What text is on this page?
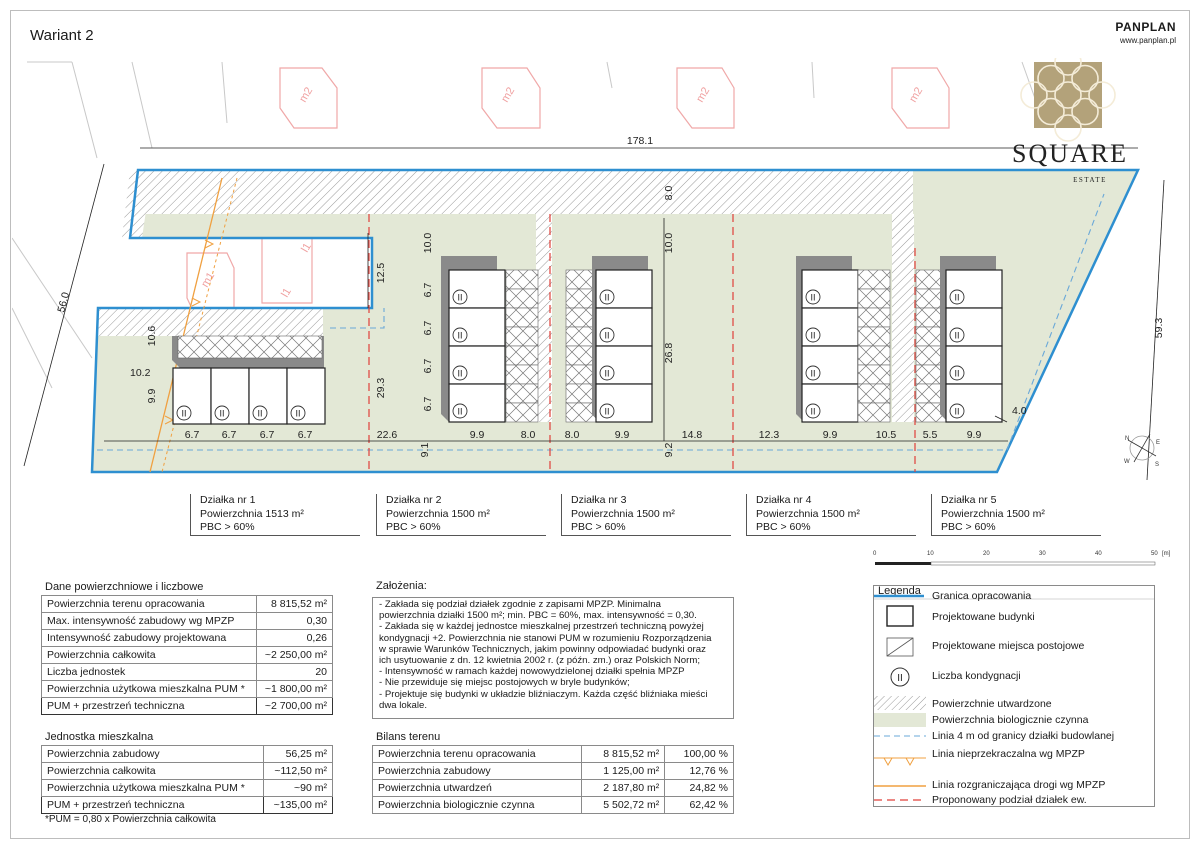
Wariant 2	PANPLAN
www.panplan.pl
m2	m2	m2	m2
m1
l1
l1
II	II	II	II
II
II
II
II
II
II
II
II
II
II
II
II
II
II
II
II
178.1
56.0
59.3
8.0
10.0	10.0
12.5
29.3
26.8
10.6
10.2
9.9
9.1	9.2
4.0
6.7 6.7 6.7 6.7	22.6	9.9	8.0	8.0	9.9	14.8	12.3	9.9	10.5	5.5	9.9
6.7
6.7
6.7
6.7
N
E
S
W
SQUARE
ESTATE
Działka nr 1
Powierzchnia 1513 m²
PBC > 60%
Działka nr 2
Powierzchnia 1500 m²
PBC > 60%
Działka nr 3
Powierzchnia 1500 m²
PBC > 60%
Działka nr 4
Powierzchnia 1500 m²
PBC > 60%
Działka nr 5
Powierzchnia 1500 m²
PBC > 60%
0	10	20	30	40	50 [m]
Dane powierzchniowe i liczbowe
Powierzchnia terenu opracowania	8 815,52 m²
Max. intensywność zabudowy wg MPZP	0,30
Intensywność zabudowy projektowana	0,26
Powierzchnia całkowita	~2 250,00 m²
Liczba jednostek	20
Powierzchnia użytkowa mieszkalna PUM *	~1 800,00 m²
PUM + przestrzeń techniczna	~2 700,00 m²
Jednostka mieszkalna
Powierzchnia zabudowy	56,25 m²
Powierzchnia całkowita	~112,50 m²
Powierzchnia użytkowa mieszkalna PUM *	~90 m²
PUM + przestrzeń techniczna	~135,00 m²
*PUM = 0,80 x Powierzchnia całkowita
Założenia:
- Zakłada się podział działek zgodnie z zapisami MPZP. Minimalna
powierzchnia działki 1500 m²; min. PBC = 60%, max. intensywność = 0,30.
- Zakłada się w każdej jednostce mieszkalnej przestrzeń techniczną powyżej
kondygnacji +2. Powierzchnia nie stanowi PUM w rozumieniu Rozporządzenia
w sprawie Warunków Technicznych, jakim powinny odpowiadać budynki oraz
ich usytuowanie z dn. 12 kwietnia 2002 r. (z późn. zm.) oraz Polskich Norm;
- Intensywność w ramach każdej nowowydzielonej działki spełnia MPZP
- Nie przewiduje się miejsc postojowych w bryle budynków;
- Projektuje się budynki w układzie bliźniaczym. Każda część bliźniaka mieści
dwa lokale.
Bilans terenu
Powierzchnia terenu opracowania	8 815,52 m²	100,00 %
Powierzchnia zabudowy	1 125,00 m²	12,76 %
Powierzchnia utwardzeń	2 187,80 m²	24,82 %
Powierzchnia biologicznie czynna	5 502,72 m²	62,42 %
Legenda
II
Granica opracowania
Projektowane budynki
Projektowane miejsca postojowe
Liczba kondygnacji
Powierzchnie utwardzone
Powierzchnia biologicznie czynna
Linia 4 m od granicy działki budowlanej
Linia nieprzekraczalna wg MPZP
Linia rozgraniczająca drogi wg MPZP
Proponowany podział działek ew.
